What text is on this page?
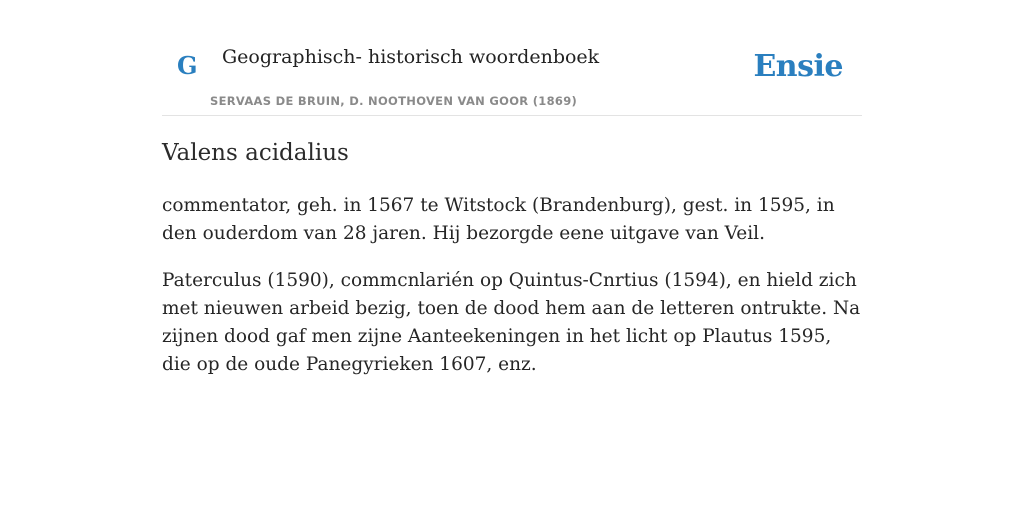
G Geographisch- historisch woordenboek
SERVAAS DE BRUIN, D. NOOTHOVEN VAN GOOR (1869)
Ensie
Valens acidalius

commentator, geh. in 1567 te Witstock (Brandenburg), gest. in 1595, in den ouderdom van 28 jaren. Hij bezorgde eene uitgave van Veil.

Paterculus (1590), commcnlarién op Quintus-Cnrtius (1594), en hield zich met nieuwen arbeid bezig, toen de dood hem aan de letteren ontrukte. Na zijnen dood gaf men zijne Aanteekeningen in het licht op Plautus 1595, die op de oude Panegyrieken 1607, enz.
